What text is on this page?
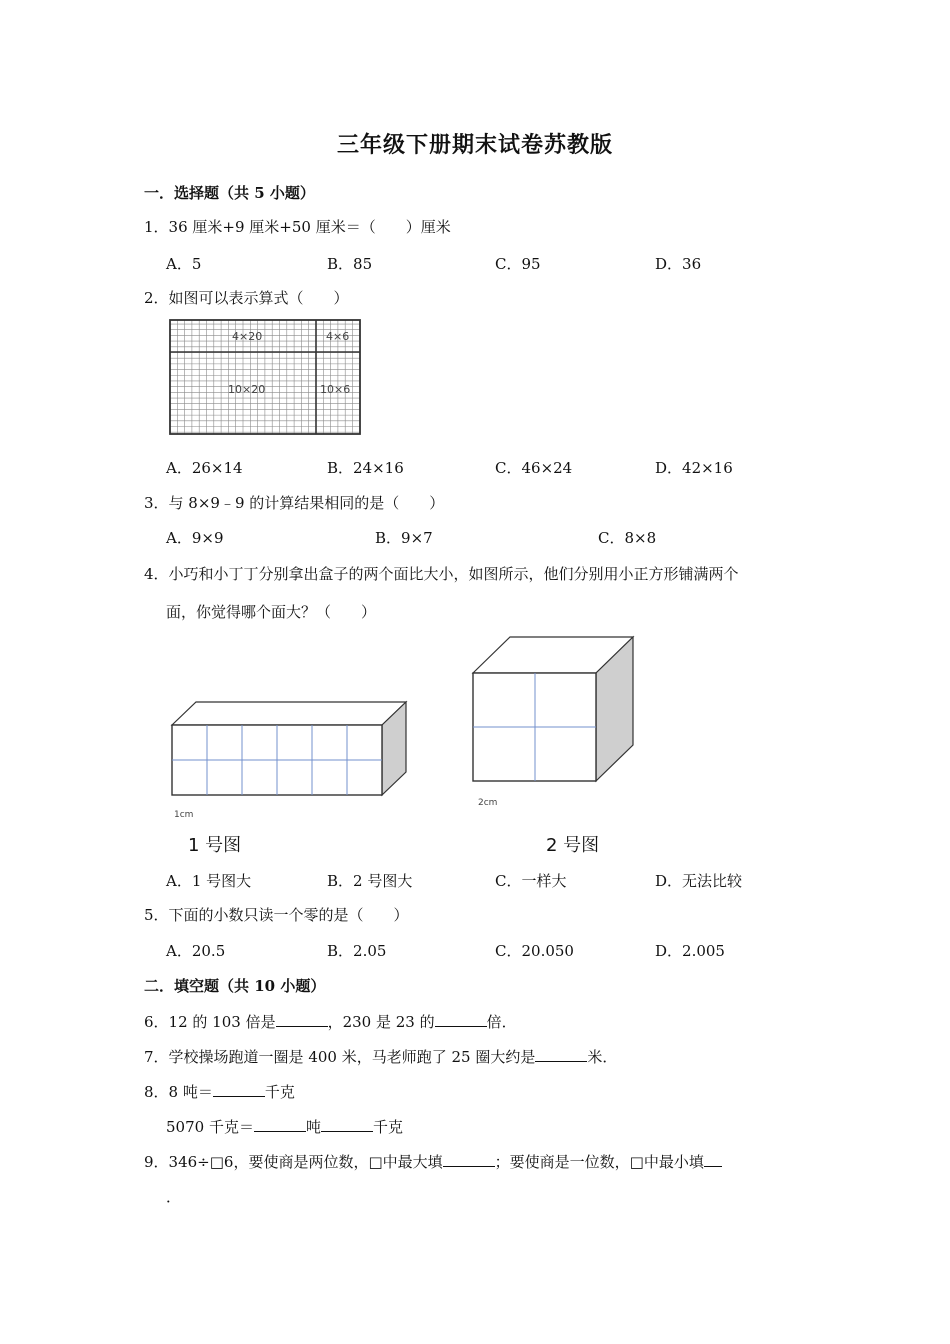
三年级下册期末试卷苏教版
一．选择题（共 5 小题）
1．36 厘米+9 厘米+50 厘米＝（　　）厘米
A．5	B．85	C．95	D．36
2．如图可以表示算式（　　）
4×20	4×6
10×20	10×6
A．26×14	B．24×16	C．46×24	D．42×16
3．与 8×9﹣9 的计算结果相同的是（　　）
A．9×9	B．9×7	C．8×8
4．小巧和小丁丁分别拿出盒子的两个面比大小，如图所示，他们分别用小正方形铺满两个
面，你觉得哪个面大？（　　）
1cm
1 号图
2cm
2 号图
A．1 号图大	B．2 号图大	C．一样大	D．无法比较
5．下面的小数只读一个零的是（　　）
A．20.5	B．2.05	C．20.050	D．2.005
二．填空题（共 10 小题）
6．12 的 103 倍是	，230 是 23 的	倍．
7．学校操场跑道一圈是 400 米，马老师跑了 25 圈大约是	米．
8．8 吨＝	千克
5070 千克＝	吨	千克
9．346÷□6，要使商是两位数，□中最大填	；要使商是一位数，□中最小填
．
